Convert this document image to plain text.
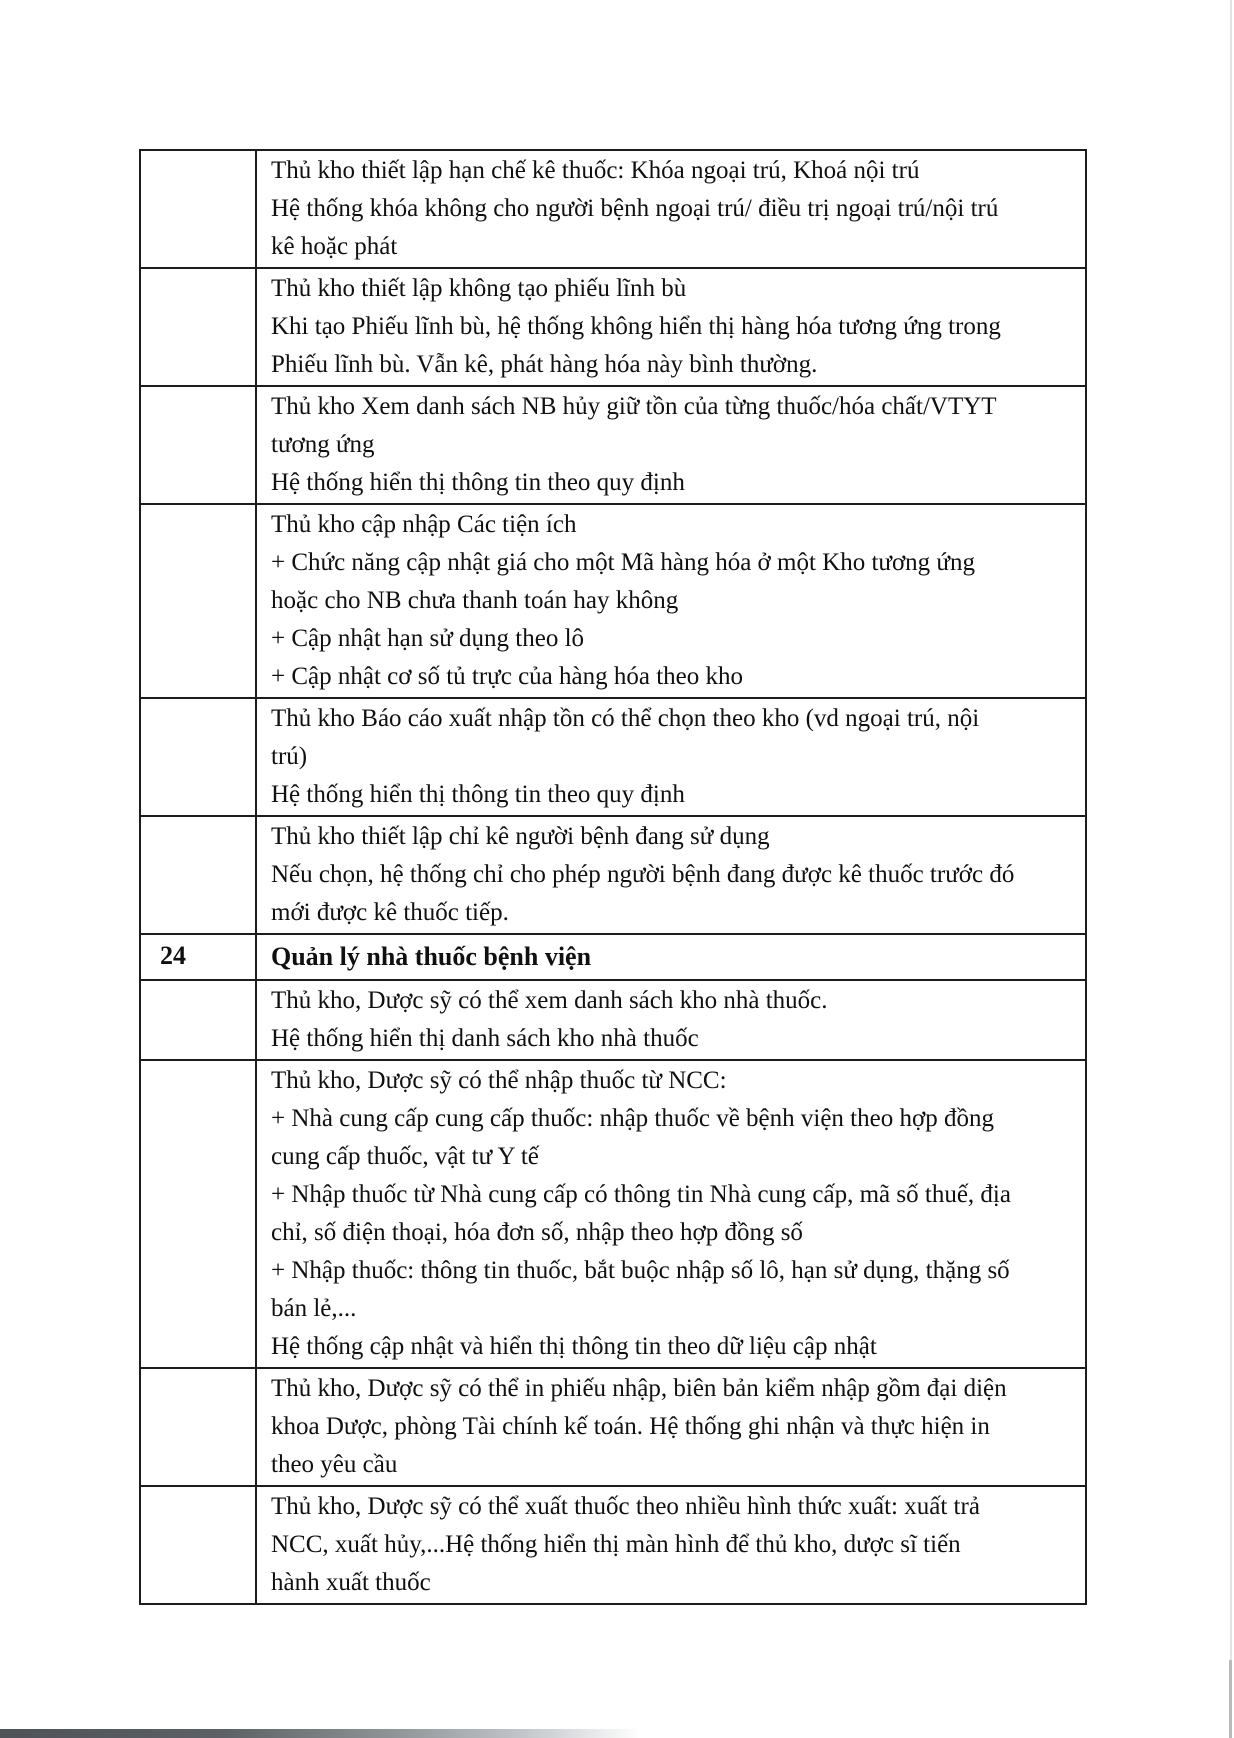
	Thủ kho thiết lập hạn chế kê thuốc: Khóa ngoại trú, Khoá nội trú
Hệ thống khóa không cho người bệnh ngoại trú/ điều trị ngoại trú/nội trú
kê hoặc phát

	Thủ kho thiết lập không tạo phiếu lĩnh bù
Khi tạo Phiếu lĩnh bù, hệ thống không hiển thị hàng hóa tương ứng trong
Phiếu lĩnh bù. Vẫn kê, phát hàng hóa này bình thường.

	Thủ kho Xem danh sách NB hủy giữ tồn của từng thuốc/hóa chất/VTYT
tương ứng
Hệ thống hiển thị thông tin theo quy định

	Thủ kho cập nhập Các tiện ích
+ Chức năng cập nhật giá cho một Mã hàng hóa ở một Kho tương ứng
hoặc cho NB chưa thanh toán hay không
+ Cập nhật hạn sử dụng theo lô
+ Cập nhật cơ số tủ trực của hàng hóa theo kho

	Thủ kho Báo cáo xuất nhập tồn có thể chọn theo kho (vd ngoại trú, nội
trú)
Hệ thống hiển thị thông tin theo quy định

	Thủ kho thiết lập chỉ kê người bệnh đang sử dụng
Nếu chọn, hệ thống chỉ cho phép người bệnh đang được kê thuốc trước đó
mới được kê thuốc tiếp.

24	Quản lý nhà thuốc bệnh viện

	Thủ kho, Dược sỹ có thể xem danh sách kho nhà thuốc.
Hệ thống hiển thị danh sách kho nhà thuốc

Thủ kho, Dược sỹ có thể nhập thuốc từ NCC:
+ Nhà cung cấp cung cấp thuốc: nhập thuốc về bệnh viện theo hợp đồng
cung cấp thuốc, vật tư Y tế
+ Nhập thuốc từ Nhà cung cấp có thông tin Nhà cung cấp, mã số thuế, địa
chỉ, số điện thoại, hóa đơn số, nhập theo hợp đồng số
+ Nhập thuốc: thông tin thuốc, bắt buộc nhập số lô, hạn sử dụng, thặng số
bán lẻ,...
Hệ thống cập nhật và hiển thị thông tin theo dữ liệu cập nhật

	Thủ kho, Dược sỹ có thể in phiếu nhập, biên bản kiểm nhập gồm đại diện
khoa Dược, phòng Tài chính kế toán. Hệ thống ghi nhận và thực hiện in
theo yêu cầu

	Thủ kho, Dược sỹ có thể xuất thuốc theo nhiều hình thức xuất: xuất trả
NCC, xuất hủy,...Hệ thống hiển thị màn hình để thủ kho, dược sĩ tiến
hành xuất thuốc
